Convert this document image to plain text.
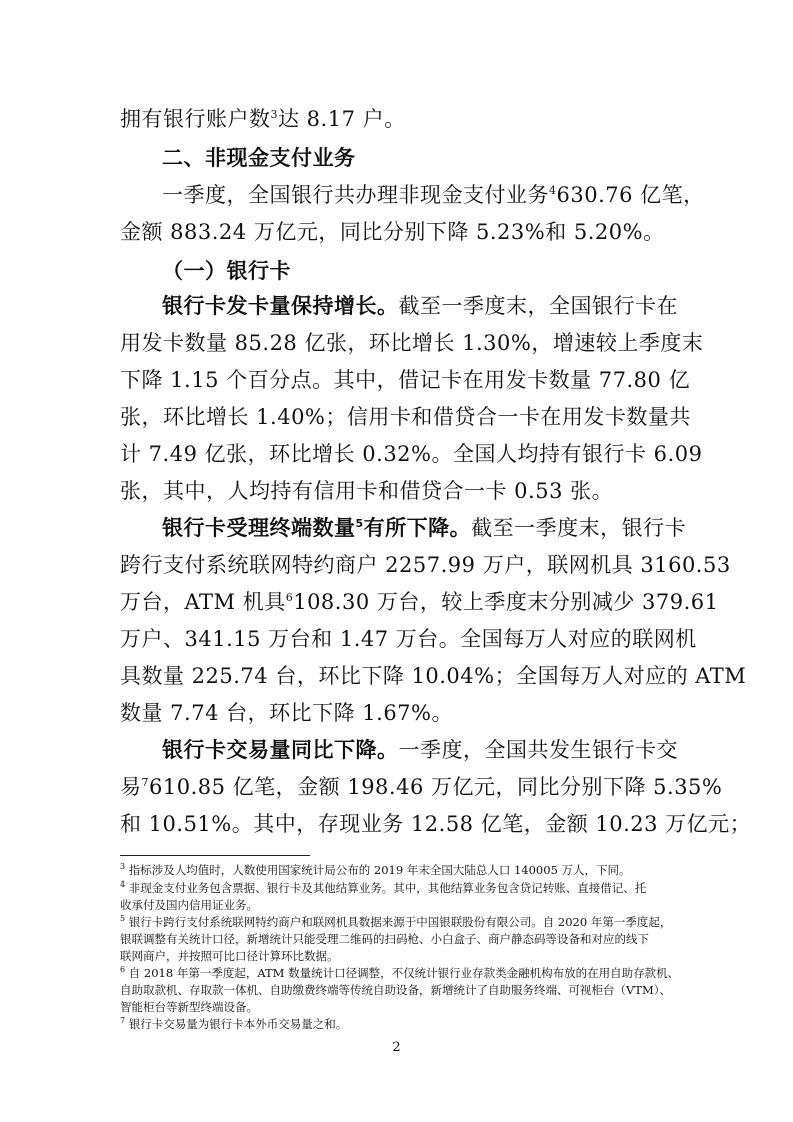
拥有银行账户数$^3$达 8.17 户。
二、非现金支付业务
一季度，全国银行共办理非现金支付业务$^4$630.76 亿笔，
金额 883.24 万亿元，同比分别下降 5.23%和 5.20%。
（一）银行卡
银行卡发卡量保持增长。截至一季度末，全国银行卡在
用发卡数量 85.28 亿张，环比增长 1.30%，增速较上季度末
下降 1.15 个百分点。其中，借记卡在用发卡数量 77.80 亿
张，环比增长 1.40%；信用卡和借贷合一卡在用发卡数量共
计 7.49 亿张，环比增长 0.32%。全国人均持有银行卡 6.09
张，其中，人均持有信用卡和借贷合一卡 0.53 张。
银行卡受理终端数量$^5$有所下降。截至一季度末，银行卡
跨行支付系统联网特约商户 2257.99 万户，联网机具 3160.53
万台，ATM 机具$^6$108.30 万台，较上季度末分别减少 379.61
万户、341.15 万台和 1.47 万台。全国每万人对应的联网机
具数量 225.74 台，环比下降 10.04%；全国每万人对应的 ATM
数量 7.74 台，环比下降 1.67%。
银行卡交易量同比下降。一季度，全国共发生银行卡交
易$^7$610.85 亿笔，金额 198.46 万亿元，同比分别下降 5.35%
和 10.51%。其中，存现业务 12.58 亿笔，金额 10.23 万亿元；
$^3$ 指标涉及人均值时，人数使用国家统计局公布的 2019 年末全国大陆总人口 140005 万人，下同。
$^4$ 非现金支付业务包含票据、银行卡及其他结算业务。其中，其他结算业务包含贷记转账、直接借记、托
收承付及国内信用证业务。
$^5$ 银行卡跨行支付系统联网特约商户和联网机具数据来源于中国银联股份有限公司。自 2020 年第一季度起，
银联调整有关统计口径，新增统计只能受理二维码的扫码枪、小白盒子、商户静态码等设备和对应的线下
联网商户，并按照可比口径计算环比数据。
$^6$ 自 2018 年第一季度起，ATM 数量统计口径调整，不仅统计银行业存款类金融机构布放的在用自助存款机、
自助取款机、存取款一体机、自助缴费终端等传统自助设备，新增统计了自助服务终端、可视柜台（VTM）、
智能柜台等新型终端设备。
$^7$ 银行卡交易量为银行卡本外币交易量之和。
2
